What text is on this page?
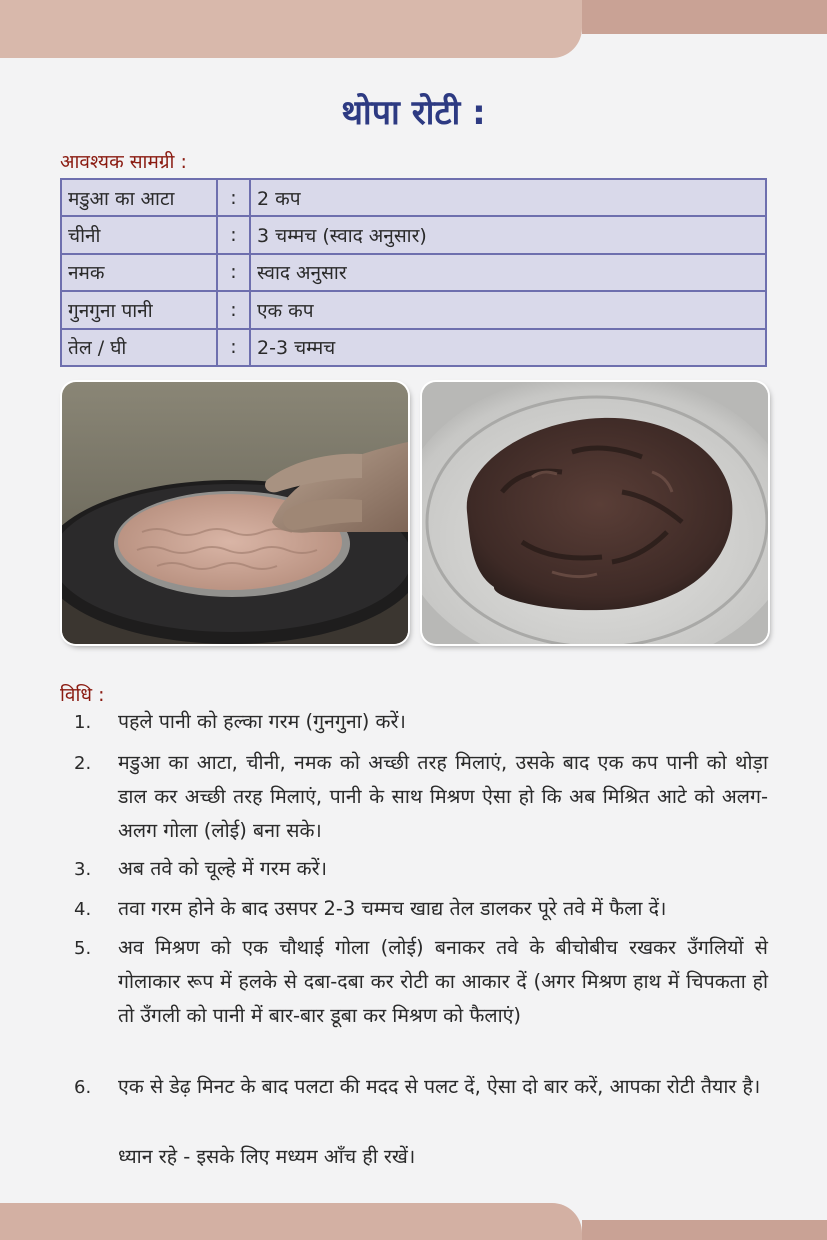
थोपा रोटी :
आवश्यक सामग्री :
मडुआ का आटा	:	2 कप
चीनी	:	3 चम्मच (स्वाद अनुसार)
नमक	:	स्वाद अनुसार
गुनगुना पानी	:	एक कप
तेल / घी	:	2-3 चम्मच
विधि :
1. पहले पानी को हल्का गरम (गुनगुना) करें।
2. मडुआ का आटा, चीनी, नमक को अच्छी तरह मिलाएं, उसके बाद एक कप पानी को थोड़ा डाल कर अच्छी तरह मिलाएं, पानी के साथ मिश्रण ऐसा हो कि अब मिश्रित आटे को अलग-अलग गोला (लोई) बना सके।
3. अब तवे को चूल्हे में गरम करें।
4. तवा गरम होने के बाद उसपर 2-3 चम्मच खाद्य तेल डालकर पूरे तवे में फैला दें।
5. अव मिश्रण को एक चौथाई गोला (लोई) बनाकर तवे के बीचोबीच रखकर उँगलियों से गोलाकार रूप में हलके से दबा-दबा कर रोटी का आकार दें (अगर मिश्रण हाथ में चिपकता हो तो उँगली को पानी में बार-बार डूबा कर मिश्रण को फैलाएं)
6. एक से डेढ़ मिनट के बाद पलटा की मदद से पलट दें, ऐसा दो बार करें, आपका रोटी तैयार है।
ध्यान रहे - इसके लिए मध्यम आँच ही रखें।
